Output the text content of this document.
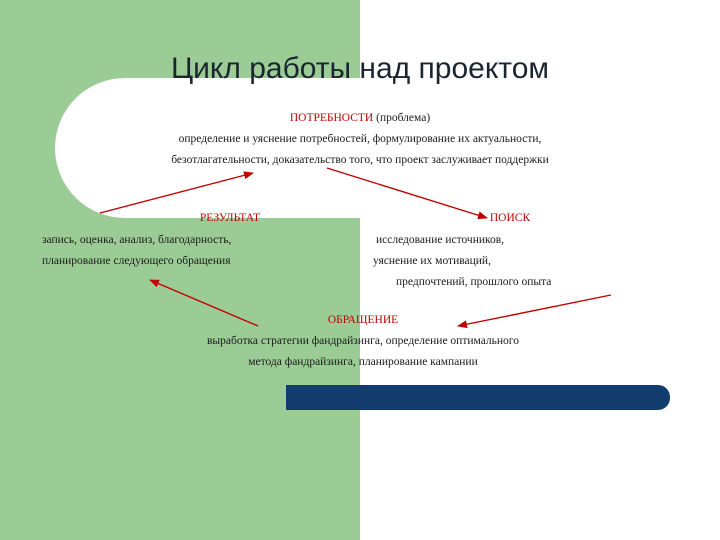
Цикл работы над проектом
ПОТРЕБНОСТИ (проблема)
определение и уяснение потребностей, формулирование их актуальности,
безотлагательности, доказательство того, что проект заслуживает поддержки
РЕЗУЛЬТАТ
запись, оценка, анализ, благодарность,
планирование следующего обращения
ПОИСК
исследование источников,
уяснение их мотиваций,
предпочтений, прошлого опыта
ОБРАЩЕНИЕ
выработка стратегии фандрайзинга, определение оптимального
метода фандрайзинга, планирование кампании
